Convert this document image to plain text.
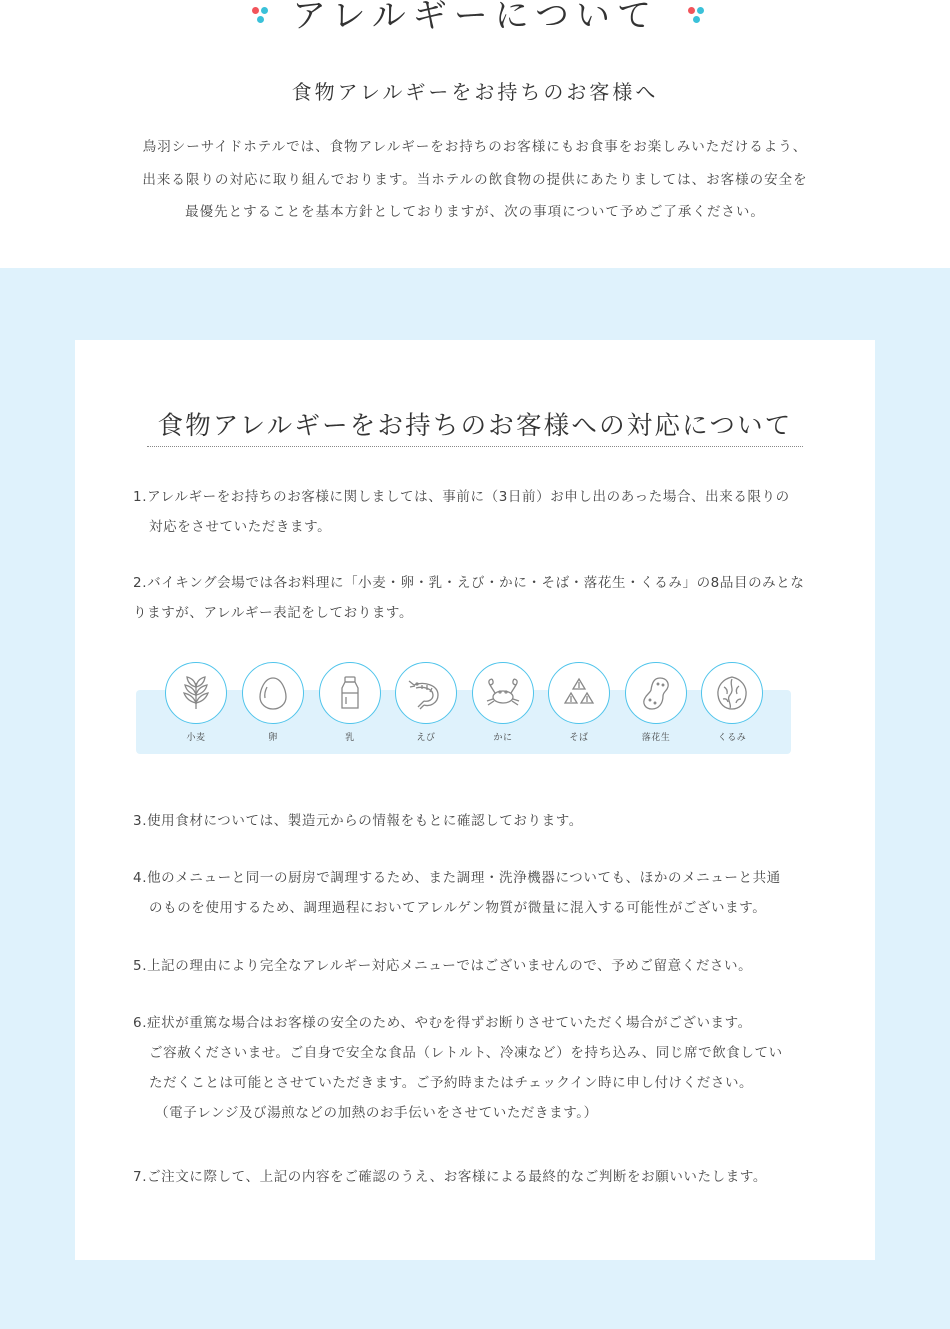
アレルギーについて
食物アレルギーをお持ちのお客様へ

鳥羽シーサイドホテルでは、食物アレルギーをお持ちのお客様にもお食事をお楽しみいただけるよう、

出来る限りの対応に取り組んでおります。当ホテルの飲食物の提供にあたりましては、お客様の安全を

最優先とすることを基本方針としておりますが、次の事項について予めご了承ください。

食物アレルギーをお持ちのお客様への対応について

1.アレルギーをお持ちのお客様に関しましては、事前に（3日前）お申し出のあった場合、出来る限りの

対応をさせていただきます。

2.バイキング会場では各お料理に「小麦・卵・乳・えび・かに・そば・落花生・くるみ」の8品目のみとな

りますが、アレルギー表記をしております。

小麦	卵	乳	えび	かに	そば	落花生	くるみ

3.使用食材については、製造元からの情報をもとに確認しております。

4.他のメニューと同一の厨房で調理するため、また調理・洗浄機器についても、ほかのメニューと共通

のものを使用するため、調理過程においてアレルゲン物質が微量に混入する可能性がございます。

5.上記の理由により完全なアレルギー対応メニューではございませんので、予めご留意ください。

6.症状が重篤な場合はお客様の安全のため、やむを得ずお断りさせていただく場合がございます。

ご容赦くださいませ。ご自身で安全な食品（レトルト、冷凍など）を持ち込み、同じ席で飲食してい

ただくことは可能とさせていただきます。ご予約時またはチェックイン時に申し付けください。

（電子レンジ及び湯煎などの加熱のお手伝いをさせていただきます。）

7.ご注文に際して、上記の内容をご確認のうえ、お客様による最終的なご判断をお願いいたします。
